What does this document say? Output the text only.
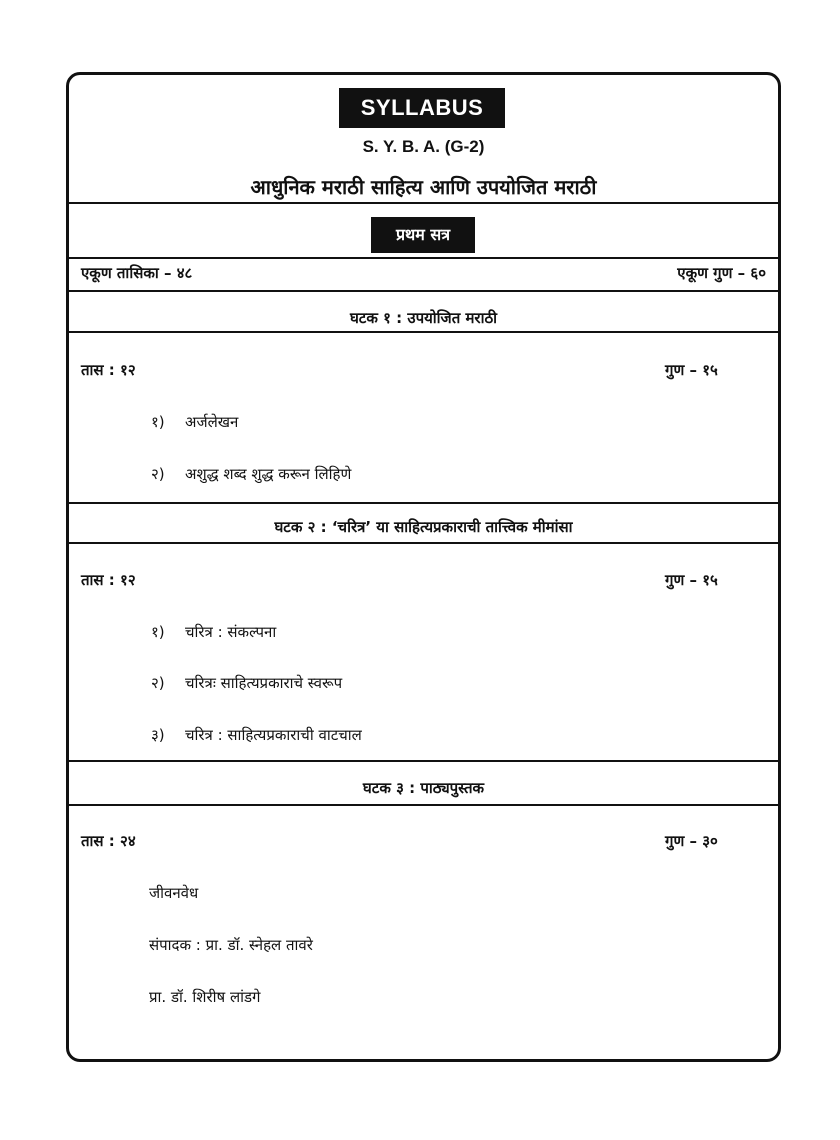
SYLLABUS
S. Y. B. A. (G-2)
आधुनिक मराठी साहित्य आणि उपयोजित मराठी
प्रथम सत्र
एकूण तासिका – ४८	एकूण गुण – ६०
घटक १ : उपयोजित मराठी
तास : १२	गुण – १५
१) अर्जलेखन
२) अशुद्ध शब्द शुद्ध करून लिहिणे
घटक २ : ‘चरित्र’ या साहित्यप्रकाराची तात्त्विक मीमांसा
तास : १२	गुण – १५
१) चरित्र : संकल्पना
२) चरित्रः साहित्यप्रकाराचे स्वरूप
३) चरित्र : साहित्यप्रकाराची वाटचाल
घटक ३ : पाठ्यपुस्तक
तास : २४	गुण – ३०
जीवनवेध
संपादक : प्रा. डॉ. स्नेहल तावरे
प्रा. डॉ. शिरीष लांडगे
